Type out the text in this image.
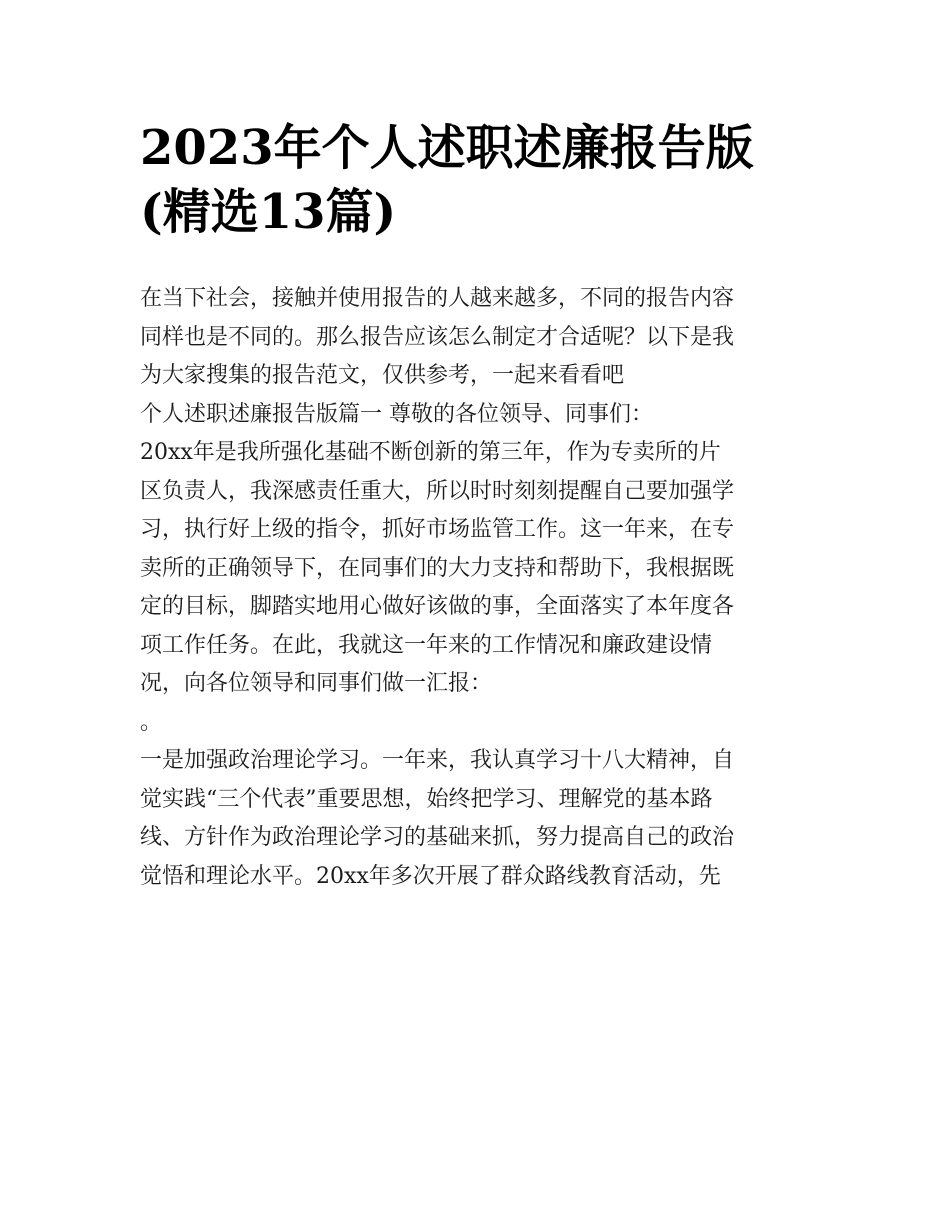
2023年个人述职述廉报告版
(精选13篇)
在当下社会，接触并使用报告的人越来越多，不同的报告内容
同样也是不同的。那么报告应该怎么制定才合适呢？以下是我
为大家搜集的报告范文，仅供参考，一起来看看吧
个人述职述廉报告版篇一 尊敬的各位领导、同事们：
20xx年是我所强化基础不断创新的第三年，作为专卖所的片
区负责人，我深感责任重大，所以时时刻刻提醒自己要加强学
习，执行好上级的指令，抓好市场监管工作。这一年来，在专
卖所的正确领导下，在同事们的大力支持和帮助下，我根据既
定的目标，脚踏实地用心做好该做的事，全面落实了本年度各
项工作任务。在此，我就这一年来的工作情况和廉政建设情
况，向各位领导和同事们做一汇报：
。
一是加强政治理论学习。一年来，我认真学习十八大精神，自
觉实践“三个代表”重要思想，始终把学习、理解党的基本路
线、方针作为政治理论学习的基础来抓，努力提高自己的政治
觉悟和理论水平。20xx年多次开展了群众路线教育活动，先
